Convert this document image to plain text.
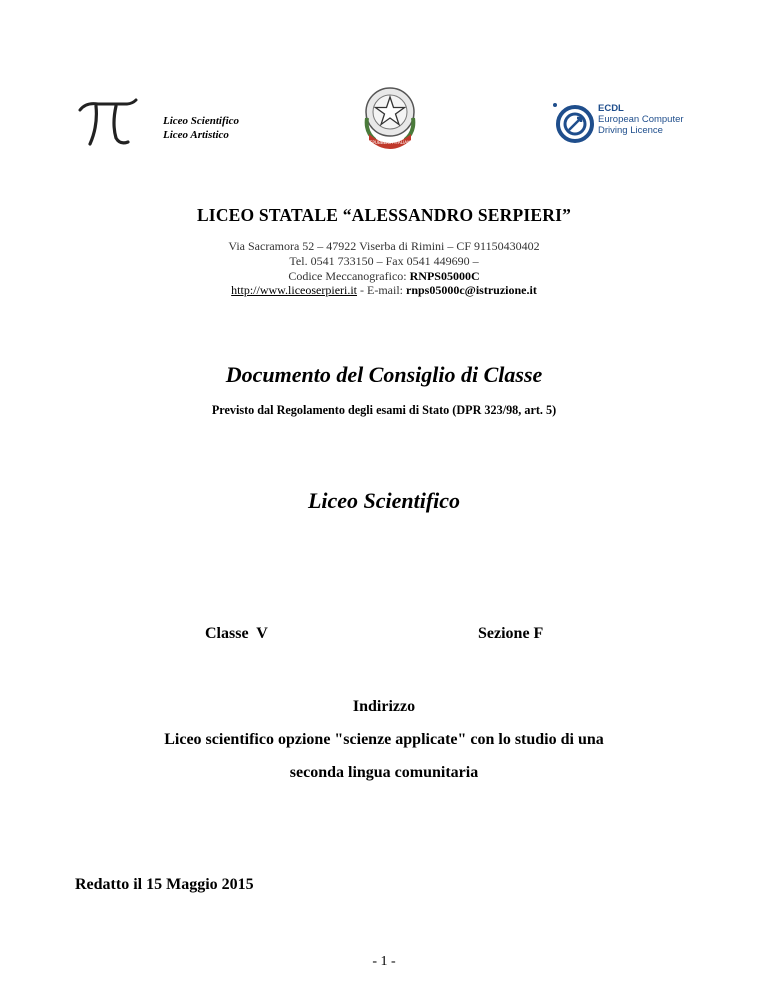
Liceo Scientifico
Liceo Artistico
REPUBBLICA ITALIANA
ECDL
European Computer
Driving Licence
LICEO STATALE “ALESSANDRO SERPIERI”
Via Sacramora 52 – 47922 Viserba di Rimini – CF 91150430402
Tel. 0541 733150 – Fax 0541 449690 –
Codice Meccanografico: RNPS05000C
http://www.liceoserpieri.it - E-mail: rnps05000c@istruzione.it
Documento del Consiglio di Classe
Previsto dal Regolamento degli esami di Stato (DPR 323/98, art. 5)
Liceo Scientifico
Classe  V	Sezione F
Indirizzo
Liceo scientifico opzione "scienze applicate" con lo studio di una
seconda lingua comunitaria
Redatto il 15 Maggio 2015
- 1 -
